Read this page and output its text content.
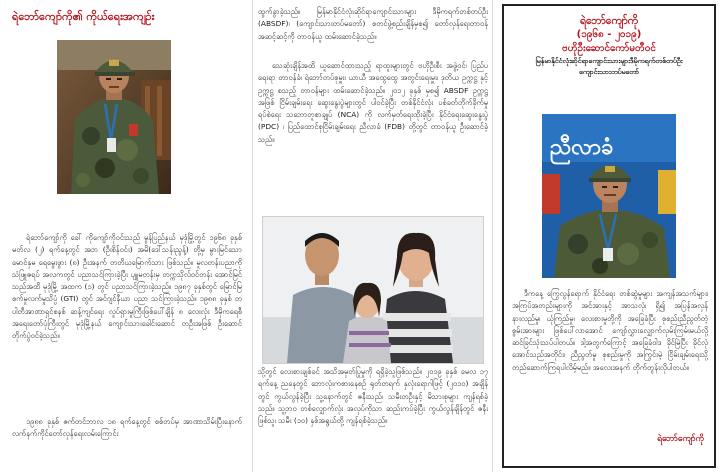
ရဲဘော်ကျော်ကို၏ ကိုယ်ရေးအကျဉ်း

ရဲဘော်ကျော်ကို ခေါ် ကိုကျော်ကိုဝင်းသည် မွန်ပြည်နယ် မုဒုံမြို့တွင် ၁၉၆၈ ခုနှစ် မတ်လ (၂) ရက်နေ့တွင် အဘ (ဦးစိန်ဝင်း) အမိ(ဒေါ်သန်းညွန့်) တို့မှ မွားမြင်သော မောင်နှမ ရေမွေးဖွား (၈) ဦးအနက် တတိယမြောက်သား ဖြစ်သည်။ မူလတန်းပညာကို သံဖြူဇရပ် အလကတွင် ပညာသင်ကြားခဲ့ပြီး ပျူမတန်းမှ တက္ကသိုလ်ဝင်တန်း အောင်မြင်သည်အထိ မုဒုံမြို့ အထက (၁) တွင် ပညာသင်ကြားခဲ့သည်။ ၁၉၈၇ ခုနှစ်တွင် မြောင်မြ စက်မှုလက်မှုသိပ္ပံ (GTI) တွင် အင်ဂျင်နီယာ ပညာ သင်ကြားခဲ့သည်။ ၁၉၈၈ ခုနှစ် တပါတီအာဏာရှင်စနစ် ဆန့်ကျင်ရေး လှုပ်ရှားမှုကြီးဖြစ်ပေါ်ချိန် ၈ လေးလုံး ဒီမိုကရေစီ အရေးတော်ပုံကြီးတွင် မုဒုံမြို့နယ် ကျောင်းသားခေါင်းဆောင် တဦးအဖြစ် ဦးဆောင် တိုက်ပွဲဝင်ခဲ့သည်။

၁၉၈၈ ခုနှစ် ဇက်တင်ဘာလ ၁၈ ရက်နေ့တွင် စစ်တပ်မှ အာဏာသိမ်းပြီးနောက် လက်နက်ကိုင်တော်လှန်ရေးလမ်းကြောင်း

ထွက်ခွာခဲ့သည်။ မြန်မာနိုင်ငံလုံးဆိုင်ရာကျောင်းသားများ ဒီမိုကရက်တစ်တပ်ဦး (ABSDF)၊ (ကျောင်းသားတပ်မတော်) စတင်ဖွဲ့စည်းချိန်မှစ၍ တော်လှန်ရေးတာဝန် အဆင့်ဆင့်ကို တာဝန်ယူ ထမ်းဆောင်ခဲ့သည်။

သေဆုံးချိန်အထိ ယူဆောင်ထားသည့် ရာထူးများတွင် ဗဟိုဦးစီး အဖွဲ့ဝင်၊ ပြည်ပရေးရာ တာဝန်ခံ၊ ရဲဘော်တပ်စုမှူး၊ ယာယီ အထွေထွေ အတွင်းရေးမှူး၊ ဒုတိယ ဥက္ကဋ္ဌ နှင့် ဥက္ကဋ္ဌ စသည့် တာဝန်များ ထမ်းဆောင်ခဲ့သည်။ ၂၀၁၂ ခုနှစ် မှစ၍ ABSDF ဥက္ကဋ္ဌ အဖြစ် ငြိမ်းချမ်းရေး ဆွေးနွေးပွဲများတွင် ပါဝင်ခဲ့ပြီး တစ်နိုင်ငံလုံး ပစ်ခတ်တိုက်ခိုက်မှု ရပ်စဲရေး သဘောတူစာချုပ် (NCA) ကို လက်မှတ်ရေးထိုးခဲ့ပြီး နိုင်ငံရေးဆွေးနွေးပွဲ (PDC) ၊ ပြည်ထောင်စုငြိမ်းချမ်းရေး ညီလာခံ (FDB) တို့တွင် တာဝန်ယူ ဦးဆောင်ခဲ့သည်။

သို့တွင် လေးစားချစ်ခင် အသိအမှတ်ပြုမှုကို ရရှိခဲ့သူဖြစ်သည်။ ၂၀၁၉ ခုနှစ် မေလ ၁၇ ရက်နေ့ ညနေတွင် ဘောလုံးကစားနေစဉ် ရုတ်တရက် နှလုံးရောဂါဖြင့် (၂၀၁၀) အချိန်တွင် ကွယ်လွန်ခဲ့ပြီး သူ့နောက်တွင် ဇနီးသည်၊ သမီးတဦးနှင့် မိသားစုများ ကျန်ရစ်ခဲ့သည်။ သူ့ဘဝ တစ်လျှောက်လုံး အလုပ်ကိုသာ ဆည်းကပ်ခဲ့ပြီး ကွယ်လွန်ချိန်တွင် ဇနီးဖြစ်သူ၊ သမီး (၁၀) နှစ်အရွယ်တို့ ကျန်ရစ်ခဲ့သည်။

ရဲဘော်ကျော်ကို
(၁၉၆၈ - ၂၀၁၉)
ဗဟိုဦးဆောင်ကော်မတီဝင်
မြန်မာနိုင်ငံလုံးဆိုင်ရာကျောင်းသားများဒီမိုကရက်တစ်တပ်ဦး
ကျောင်းသားတပ်မတော်
ညီလာခံ

ဒီကနေ့ ကြွေလွန်ရောက် နိုင်ငံရေး တစ်ဆွဲမှုများ အကျန်အသက်များ၊ အကြပ်အတည်းများကို အင်အားနှင့် အာသလုံ၊ ရှိ၍ အပြန်အလှန် နားလည်မှု၊ ယုံကြည်မှု၊ လေးစားမှုတို့ကို အခြေခံပြီး စုစည်းညီညွတ်တဲ့ စွမ်းအားများ ဖြစ်ပေါ်လာအောင် ကျော်လွှားလျှောက်လှမ်းကြမ်းမယ်လို့ ဆင်ခြင်သုံးသပ်ပါတယ်။ ဒါ့အတွက်ကြောင့် အခြေခံဝါဒ ခိုင်မြဲပြီး ခိုင်လုံအောင်သည်အတိုင်း၊ ညီညွတ်မှု စုစည်းမှုကို အကြွင်းမဲ့ ငြိမ်းချမ်းရေးသို့တည်ဆောက်ကြရပါလိမ့်မည်။ အလေးအနက် တိုက်တွန်းလိုပါတယ်။

ရဲဘော်ကျော်ကို
